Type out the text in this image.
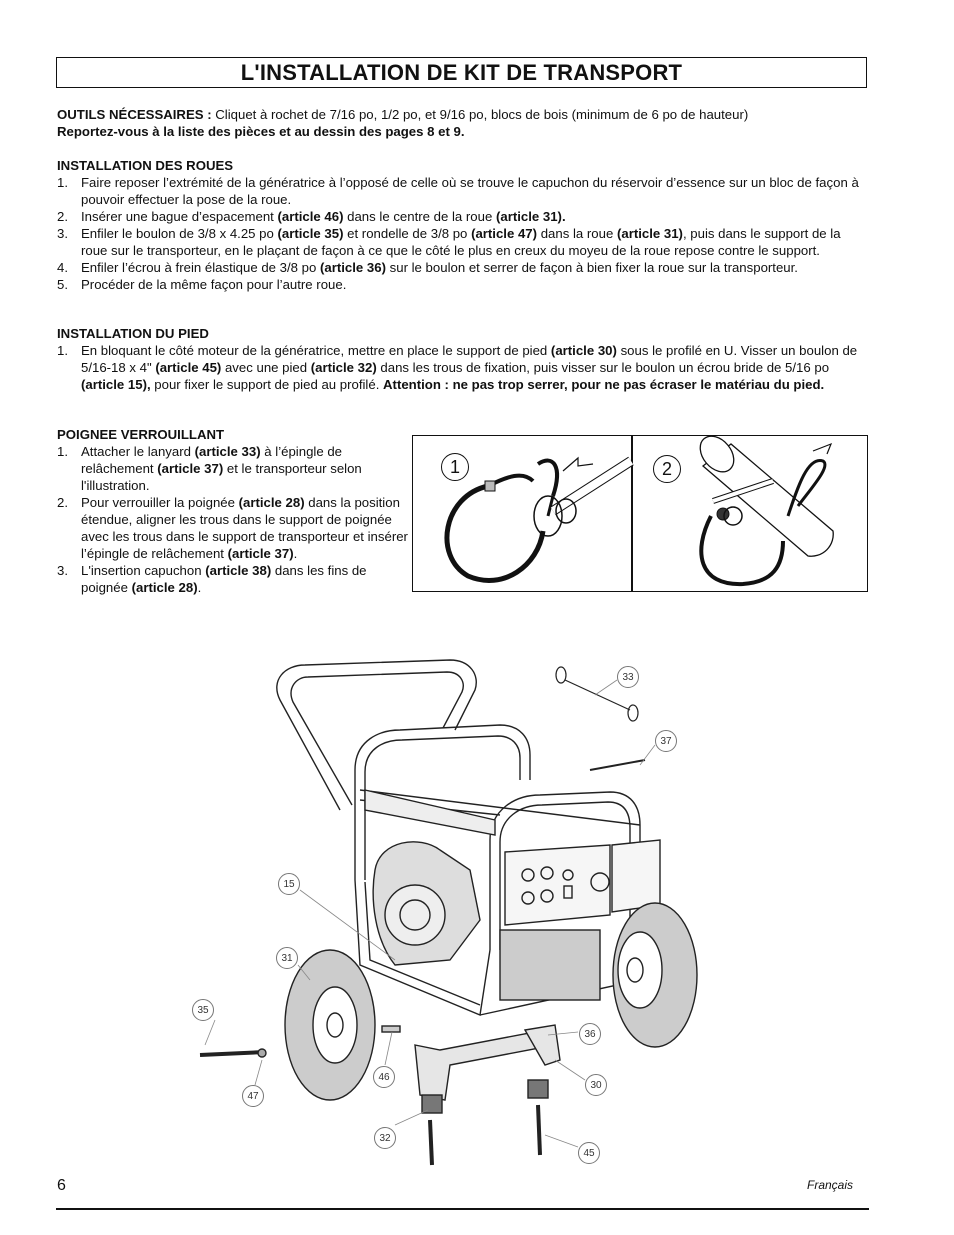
L'INSTALLATION DE KIT DE TRANSPORT
OUTILS NÉCESSAIRES : Cliquet à rochet de 7/16 po, 1/2 po, et 9/16 po, blocs de bois (minimum de 6 po de hauteur)
Reportez-vous à la liste des pièces et au dessin des pages 8 et 9.
INSTALLATION DES ROUES
1. Faire reposer l’extrémité de la génératrice à l’opposé de celle où se trouve le capuchon du réservoir d’essence sur un bloc de façon à pouvoir effectuer la pose de la roue.
2. Insérer une bague d’espacement (article 46) dans le centre de la roue (article 31).
3. Enfiler le boulon de 3/8 x 4.25 po (article 35) et rondelle de 3/8 po (article 47) dans la roue (article 31), puis dans le support de la roue sur le transporteur, en le plaçant de façon à ce que le côté le plus en creux du moyeu de la roue repose contre le support.
4. Enfiler l’écrou à frein élastique de 3/8 po (article 36) sur le boulon et serrer de façon à bien fixer la roue sur la transporteur.
5. Procéder de la même façon pour l’autre roue.
INSTALLATION DU PIED
1. En bloquant le côté moteur de la génératrice, mettre en place le support de pied (article 30) sous le profilé en U. Visser un boulon de 5/16-18 x 4" (article 45) avec une pied (article 32) dans les trous de fixation, puis visser sur le boulon un écrou bride de 5/16 po (article 15), pour fixer le support de pied au profilé. Attention : ne pas trop serrer, pour ne pas écraser le matériau du pied.
POIGNEE VERROUILLANT
1. Attacher le lanyard (article 33) à l’épingle de relâchement (article 37) et le transporteur selon l'illustration.
2. Pour verrouiller la poignée (article 28) dans la position étendue, aligner les trous dans le support de poignée avec les trous dans le support de transporteur et insérer l’épingle de relâchement (article 37).
3. L'insertion capuchon (article 38) dans les fins de poignée (article 28).
1	2
33
37
15
31
35
47
46
32
36
30
45
6	Français
